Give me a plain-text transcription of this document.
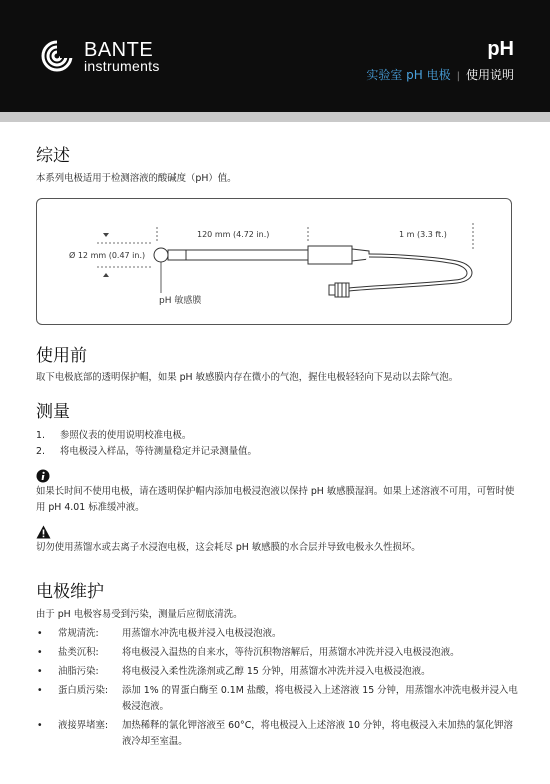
BANTE
instruments
pH
实验室 pH 电极 | 使用说明
综述

本系列电极适用于检测溶液的酸碱度（pH）值。

120 mm (4.72 in.)
Ø 12 mm (0.47 in.)
1 m (3.3 ft.)
pH 敏感膜
使用前

取下电极底部的透明保护帽，如果 pH 敏感膜内存在微小的气泡，握住电极轻轻向下晃动以去除气泡。

测量
1. 参照仪表的使用说明校准电极。
2. 将电极浸入样品，等待测量稳定并记录测量值。

如果长时间不使用电极，请在透明保护帽内添加电极浸泡液以保持 pH 敏感膜湿润。如果上述溶液不可用，可暂时使用 pH 4.01 标准缓冲液。

切勿使用蒸馏水或去离子水浸泡电极，这会耗尽 pH 敏感膜的水合层并导致电极永久性损坏。

电极维护

由于 pH 电极容易受到污染，测量后应彻底清洗。

• 常规清洗: 用蒸馏水冲洗电极并浸入电极浸泡液。
• 盐类沉积: 将电极浸入温热的自来水，等待沉积物溶解后，用蒸馏水冲洗并浸入电极浸泡液。
• 油脂污染: 将电极浸入柔性洗涤剂或乙醇 15 分钟，用蒸馏水冲洗并浸入电极浸泡液。
• 蛋白质污染: 添加 1% 的胃蛋白酶至 0.1M 盐酸，将电极浸入上述溶液 15 分钟，用蒸馏水冲洗电极并浸入电极浸泡液。
• 液接界堵塞: 加热稀释的氯化钾溶液至 60°C，将电极浸入上述溶液 10 分钟，将电极浸入未加热的氯化钾溶液冷却至室温。
